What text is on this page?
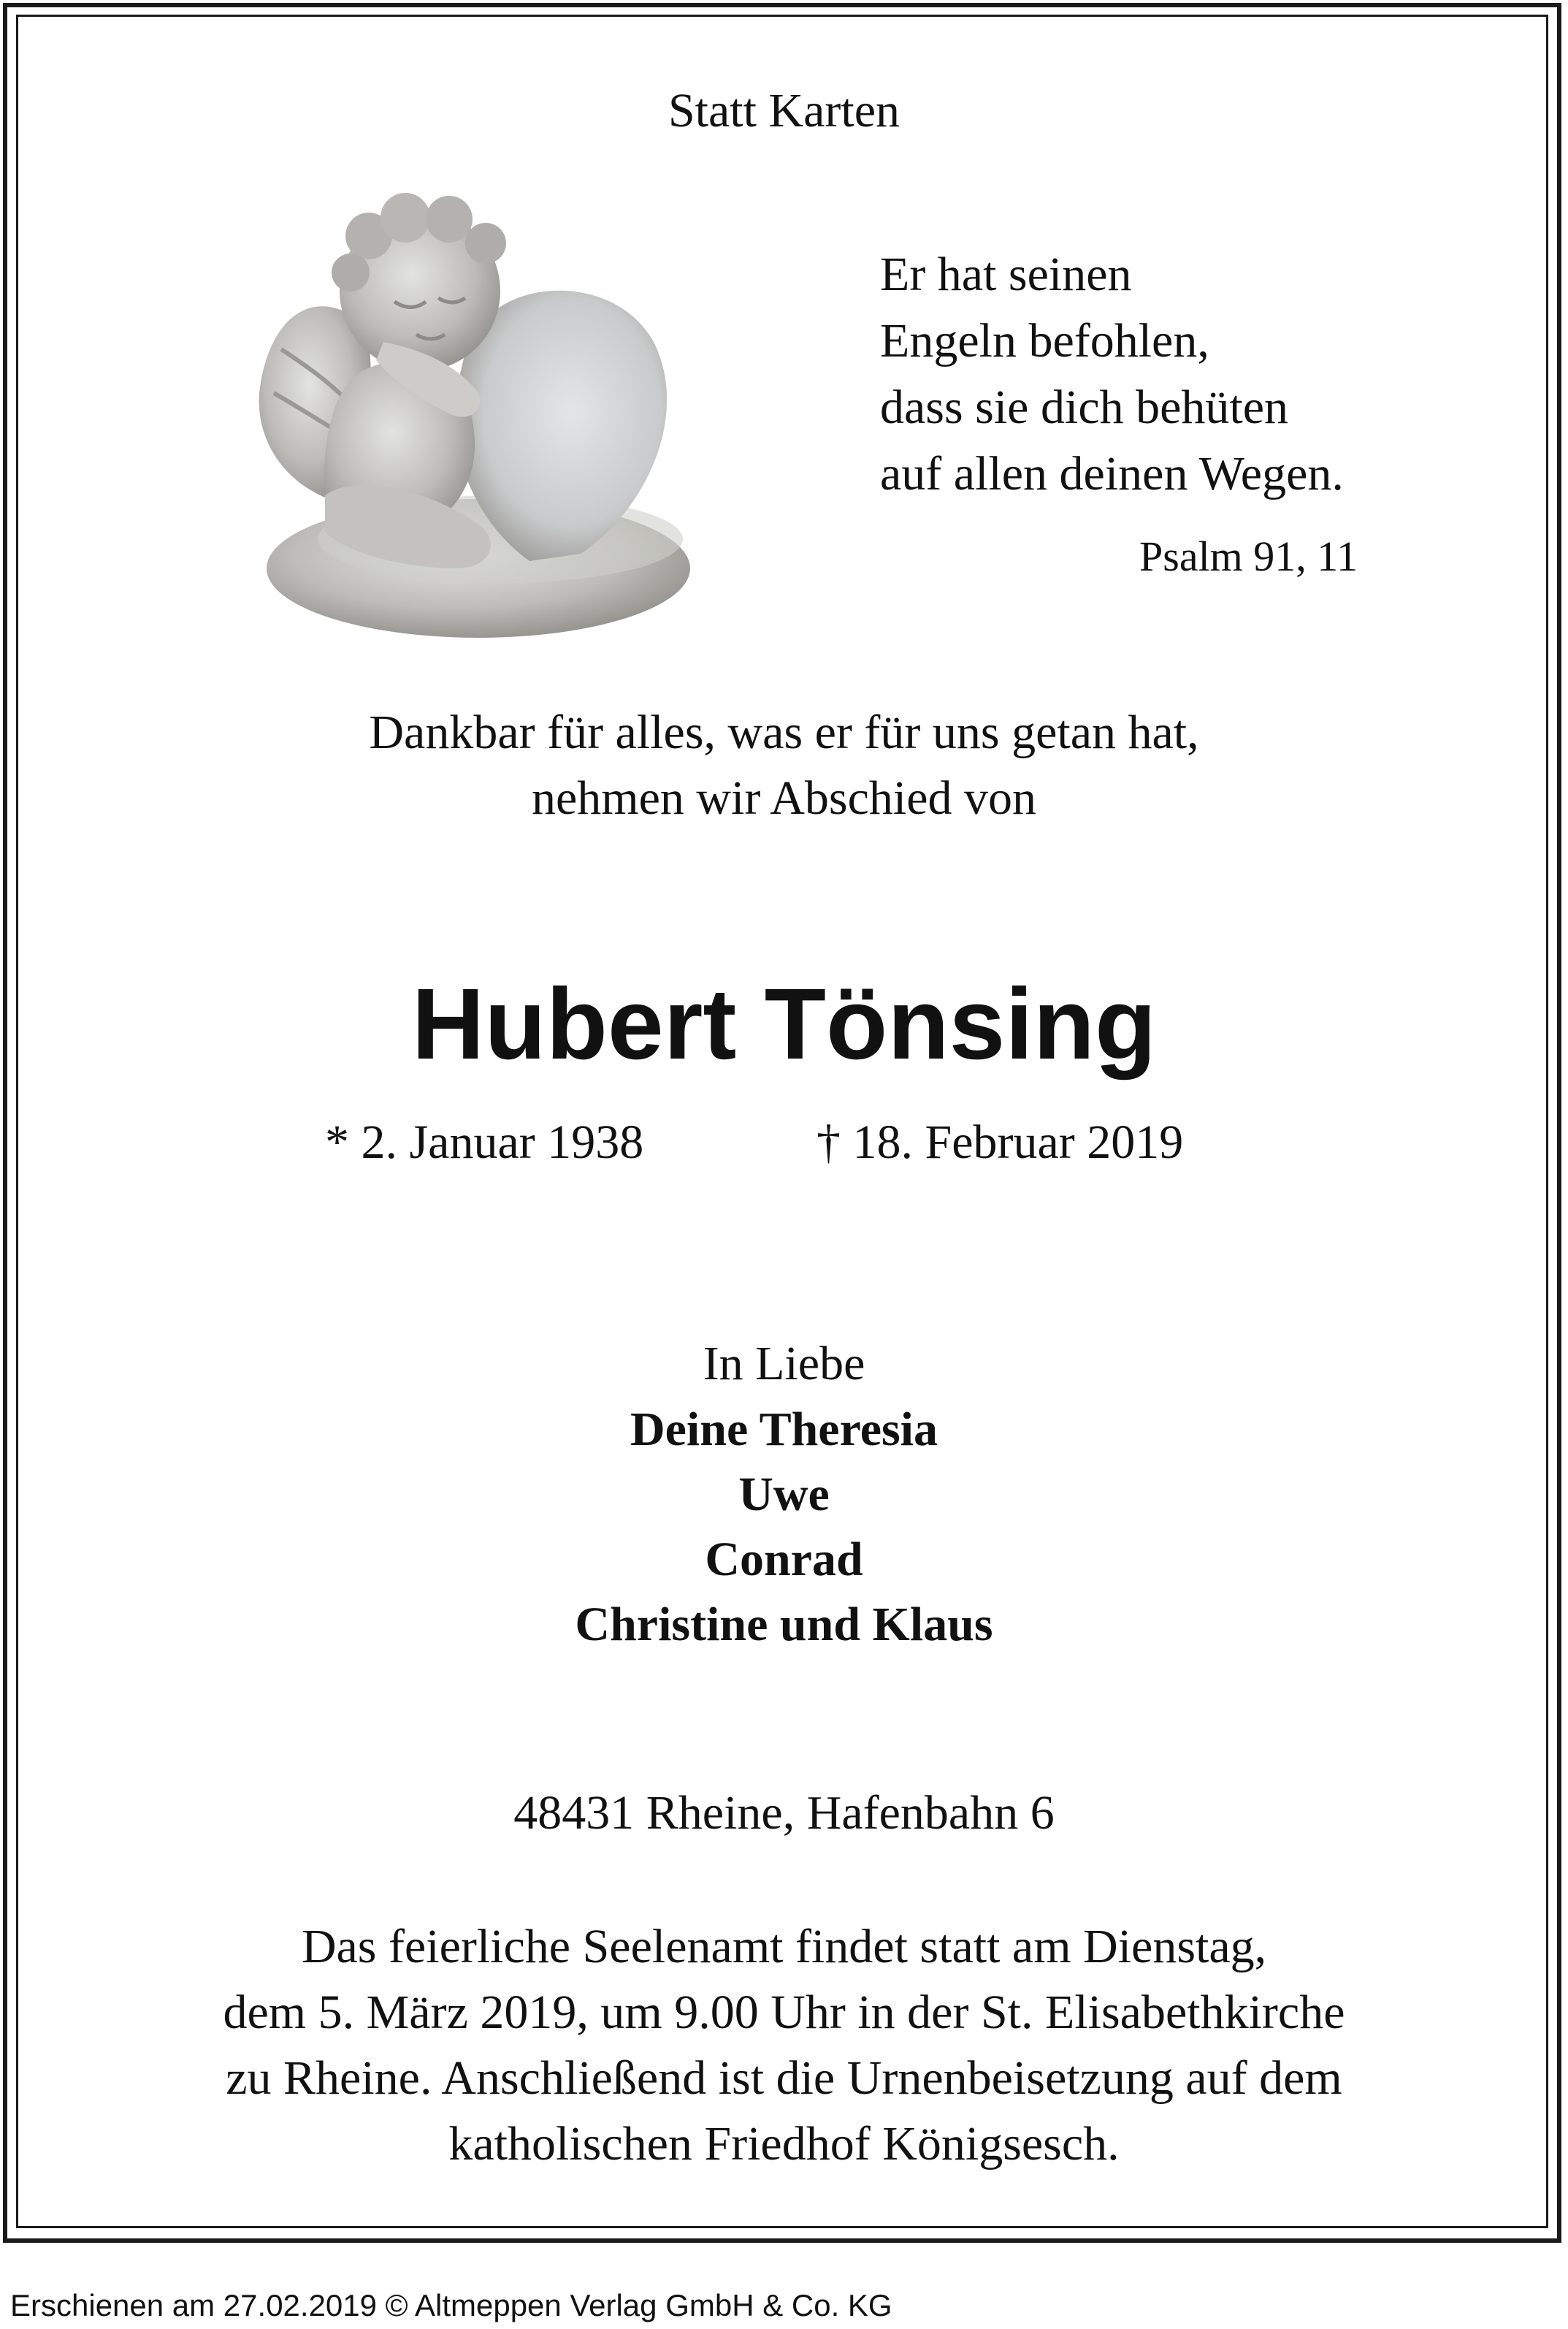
Statt Karten
Er hat seinen
Engeln befohlen,
dass sie dich behüten
auf allen deinen Wegen.
Psalm 91, 11
Dankbar für alles, was er für uns getan hat,
nehmen wir Abschied von
Hubert Tönsing
* 2. Januar 1938	† 18. Februar 2019
In Liebe
Deine Theresia
Uwe
Conrad
Christine und Klaus
48431 Rheine, Hafenbahn 6
Das feierliche Seelenamt findet statt am Dienstag,
dem 5. März 2019, um 9.00 Uhr in der St. Elisabethkirche
zu Rheine. Anschließend ist die Urnenbeisetzung auf dem
katholischen Friedhof Königsesch.
Erschienen am 27.02.2019 © Altmeppen Verlag GmbH & Co. KG
